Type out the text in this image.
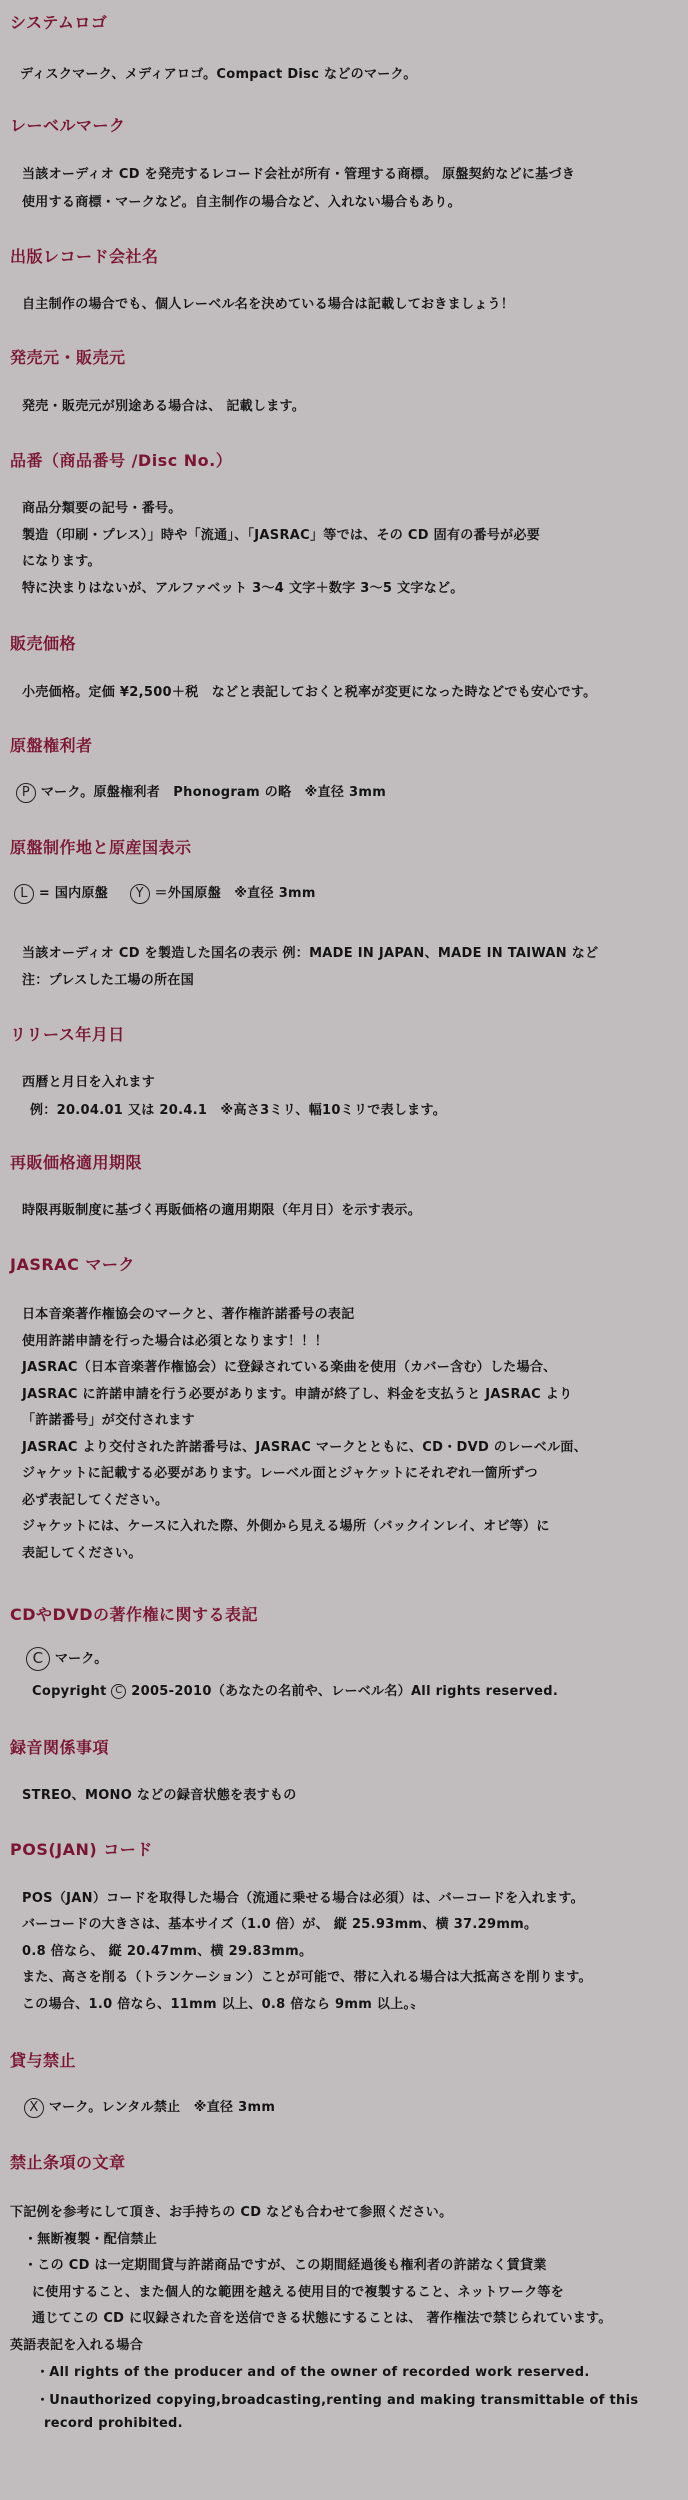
システムロゴ
ディスクマーク、メディアロゴ。Compact Disc などのマーク。
レーベルマーク
当該オーディオ CD を発売するレコード会社が所有・管理する商標。 原盤契約などに基づき
使用する商標・マークなど。自主制作の場合など、入れない場合もあり。
出版レコード会社名
自主制作の場合でも、個人レーベル名を決めている場合は記載しておきましょう！
発売元・販売元
発売・販売元が別途ある場合は、 記載します。
品番（商品番号 /Disc No.）
商品分類要の記号・番号。
製造（印刷・プレス）」時や「流通」、「JASRAC」等では、その CD 固有の番号が必要
になります。
特に決まりはないが、アルファベット 3〜4 文字＋数字 3〜5 文字など。
販売価格
小売価格。定価 ¥2,500＋税　などと表記しておくと税率が変更になった時などでも安心です。
原盤権利者
P マーク。原盤権利者　Phonogram の略　※直径 3mm
原盤制作地と原産国表示
L = 国内原盤 Y ＝外国原盤　※直径 3mm
当該オーディオ CD を製造した国名の表示 例：MADE IN JAPAN、MADE IN TAIWAN など
注：プレスした工場の所在国
リリース年月日
西暦と月日を入れます
例：20.04.01 又は 20.4.1　※高さ3ミリ、幅10ミリで表します。
再販価格適用期限
時限再販制度に基づく再販価格の適用期限（年月日）を示す表示。
JASRAC マーク
日本音楽著作権協会のマークと、著作権許諾番号の表記
使用許諾申請を行った場合は必須となります！！！
JASRAC（日本音楽著作権協会）に登録されている楽曲を使用（カバー含む）した場合、
JASRAC に許諾申請を行う必要があります。申請が終了し、料金を支払うと JASRAC より
「許諾番号」が交付されます
JASRAC より交付された許諾番号は、JASRAC マークとともに、CD・DVD のレーベル面、
ジャケットに記載する必要があります。レーベル面とジャケットにそれぞれ一箇所ずつ
必ず表記してください。
ジャケットには、ケースに入れた際、外側から見える場所（バックインレイ、オビ等）に
表記してください。
CDやDVDの著作権に関する表記
C マーク。
Copyright C 2005-2010（あなたの名前や、レーベル名）All rights reserved.
録音関係事項
STREO、MONO などの録音状態を表すもの
POS(JAN) コード
POS（JAN）コードを取得した場合（流通に乗せる場合は必須）は、バーコードを入れます。
バーコードの大きさは、基本サイズ（1.0 倍）が、 縦 25.93mm、横 37.29mm。
0.8 倍なら、 縦 20.47mm、横 29.83mm。
また、高さを削る（トランケーション）ことが可能で、帯に入れる場合は大抵高さを削ります。
この場合、1.0 倍なら、11mm 以上、0.8 倍なら 9mm 以上。〟
貸与禁止
X マーク。レンタル禁止　※直径 3mm
禁止条項の文章
下記例を参考にして頂き、お手持ちの CD なども合わせて参照ください。
・無断複製・配信禁止
・この CD は一定期間貸与許諾商品ですが、この期間経過後も権利者の許諾なく賃貸業
に使用すること、また個人的な範囲を越える使用目的で複製すること、ネットワーク等を
通じてこの CD に収録された音を送信できる状態にすることは、 著作権法で禁じられています。
英語表記を入れる場合
・All rights of the producer and of the owner of recorded work reserved.
・Unauthorized copying,broadcasting,renting and making transmittable of this
record prohibited.
